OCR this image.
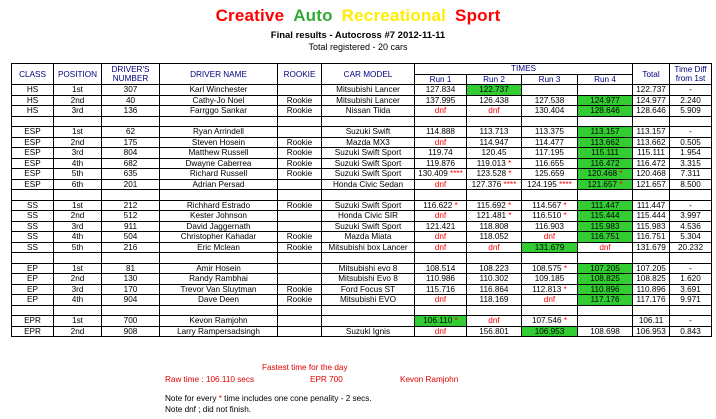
Creative Auto Recreational Sport
Final results - Autocross #7 2012-11-11
Total registered - 20 cars
CLASS	POSITION	DRIVER'S NUMBER	DRIVER NAME	ROOKIE	CAR MODEL	TIMES				Total	Time Diff from 1st
						Run 1	Run 2	Run 3	Run 4		
HS	1st	307	Karl Winchester		Mitsubishi Lancer	127.834	122.737			122.737	-
HS	2nd	40	Cathy-Jo Noel	Rookie	Mitsubishi Lancer	137.995	126.438	127.538	124.977	124.977	2.240
HS	3rd	136	Farrggo Sankar	Rookie	Nissan Tiida	dnf	dnf	130.404	128.646	128.646	5.909

ESP	1st	62	Ryan Arrindell		Suzuki Swift	114.888	113.713	113.375	113.157	113.157	-
ESP	2nd	175	Steven Hosein	Rookie	Mazda MX3	dnf	114.947	114.477	113.662	113.662	0.505
ESP	3rd	804	Matthew Russell	Rookie	Suzuki Swift Sport	119.74	120.45	117.195	115.111	115.111	1.954
ESP	4th	682	Dwayne Caberrea	Rookie	Suzuki Swift Sport	119.876	119.013 *	116.655	116.472	116.472	3.315
ESP	5th	635	Richard Russell	Rookie	Suzuki Swift Sport	130.409 ****	123.528 *	125.659	120.468 *	120.468	7.311
ESP	6th	201	Adrian Persad		Honda Civic Sedan	dnf	127.376 ****	124.195 ****	121.657 *	121.657	8.500

SS	1st	212	Richhard Estrado	Rookie	Suzuki Swift Sport	116.622 *	115.692 *	114.567 *	111.447	111.447	-
SS	2nd	512	Kester Johnson		Honda Civic SIR	dnf	121.481 *	116.510 *	115.444	115.444	3.997
SS	3rd	911	David Jaggernath		Suzuki Swift Sport	121.421	118.808	116.903	115.983	115.983	4.536
SS	4th	504	Christopher Kahadar	Rookie	Mazda Miata	dnf	118.052	dnf	116.751	116.751	5.304
SS	5th	216	Eric Mclean	Rookie	Mitsubishi box Lancer	dnf	dnf	131.679	dnf	131.679	20.232

EP	1st	81	Amir Hosein		Mitsubishi evo 8	108.514	108.223	108.575 *	107.205	107.205	-
EP	2nd	130	Randy Rambhai		Mitsubishi Evo 8	110.986	110.302	109.185	108.825	108.825	1.620
EP	3rd	170	Trevor Van Sluytman	Rookie	Ford Focus ST	115.716	116.864	112.813 *	110.896	110.896	3.691
EP	4th	904	Dave Deen	Rookie	Mitsubishi EVO	dnf	118.169	dnf	117.176	117.176	9.971

EPR	1st	700	Kevon Ramjohn			106.110 *	dnf	107.546 *		106.11	-
EPR	2nd	908	Larry Rampersadsingh		Suzuki Ignis	dnf	156.801	106.953	108.698	106.953	0.843
Fastest time for the day
Raw time : 106.110 secs	EPR 700	Kevon Ramjohn
Note for every * time includes one cone penality - 2 secs.
Note dnf ; did not finish.
